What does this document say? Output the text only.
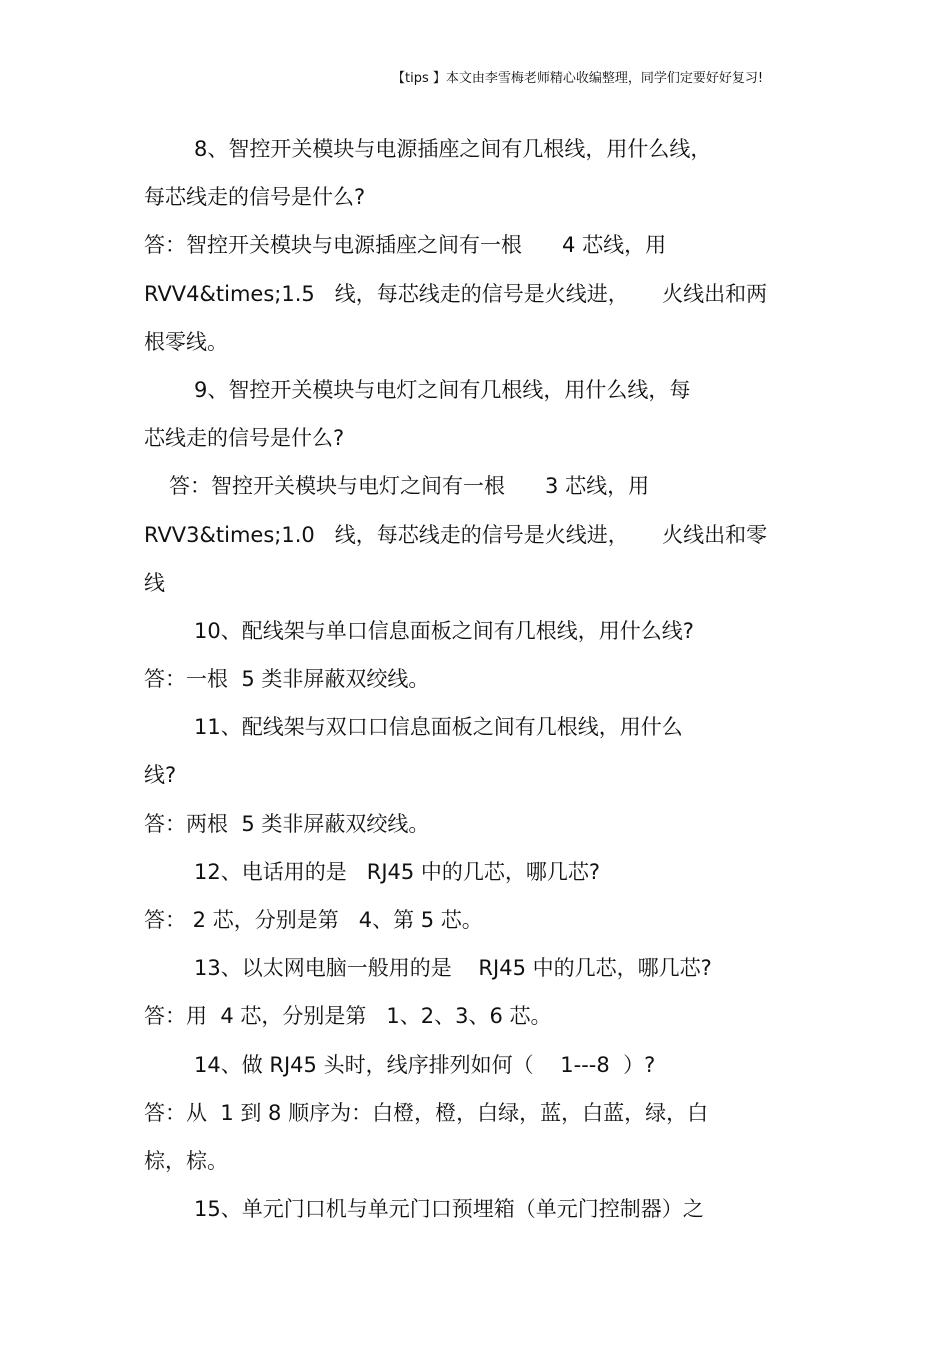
【tips 】本文由李雪梅老师精心收编整理，同学们定要好好复习!
8、智控开关模块与电源插座之间有几根线，用什么线，
每芯线走的信号是什么?
答：智控开关模块与电源插座之间有一根      4 芯线，用
RVV4&times;1.5   线，每芯线走的信号是火线进，     火线出和两
根零线。
9、智控开关模块与电灯之间有几根线，用什么线，每
芯线走的信号是什么?
答：智控开关模块与电灯之间有一根      3 芯线，用
RVV3&times;1.0   线，每芯线走的信号是火线进，     火线出和零
线
10、配线架与单口信息面板之间有几根线，用什么线?
答：一根  5 类非屏蔽双绞线。
11、配线架与双口口信息面板之间有几根线，用什么
线?
答：两根  5 类非屏蔽双绞线。
12、电话用的是   RJ45 中的几芯，哪几芯?
答： 2 芯，分别是第   4、第 5 芯。
13、以太网电脑一般用的是    RJ45 中的几芯，哪几芯?
答：用  4 芯，分别是第   1、2、3、6 芯。
14、做 RJ45 头时，线序排列如何（    1---8  ）?
答：从  1 到 8 顺序为：白橙，橙，白绿，蓝，白蓝，绿，白
棕，棕。
15、单元门口机与单元门口预埋箱（单元门控制器）之
